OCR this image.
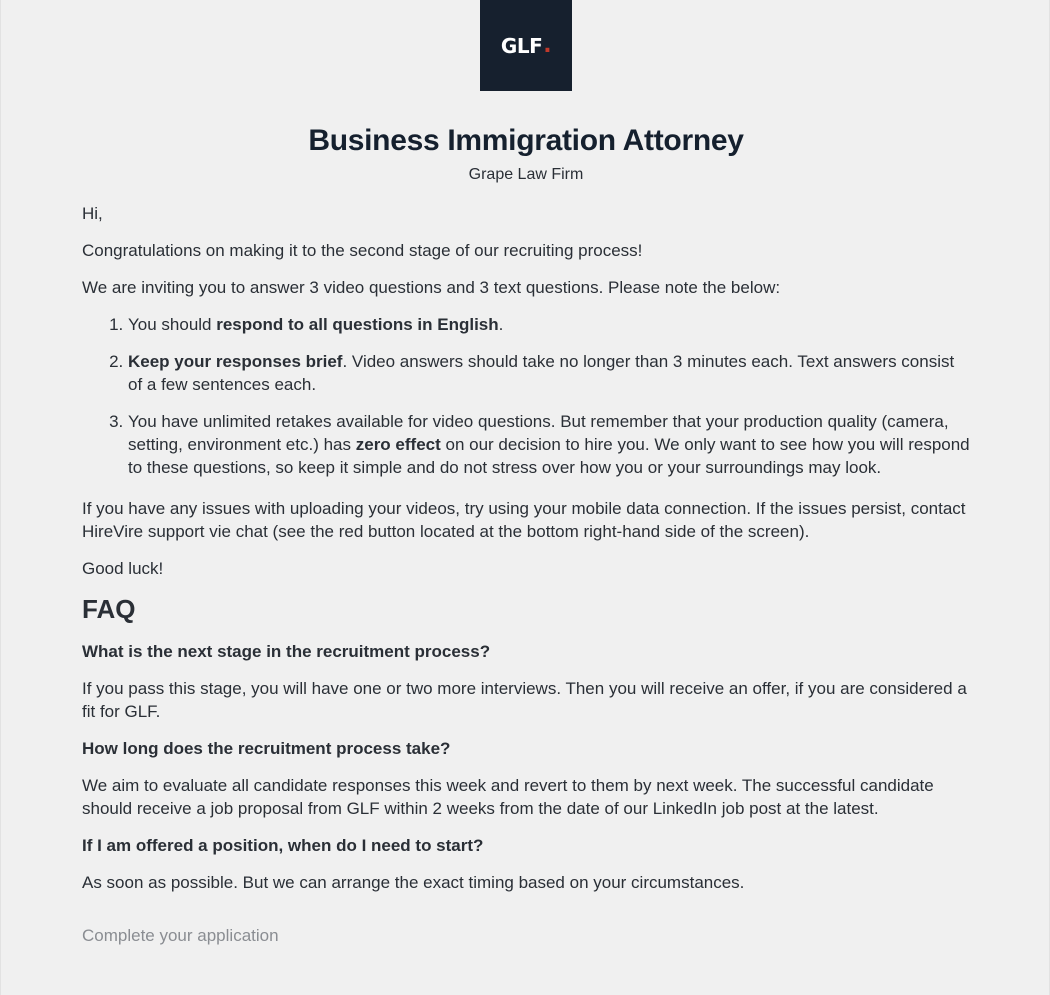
GLF .
Business Immigration Attorney
Grape Law Firm

Hi,

Congratulations on making it to the second stage of our recruiting process!

We are inviting you to answer 3 video questions and 3 text questions. Please note the below:

1. You should respond to all questions in English.
2. Keep your responses brief. Video answers should take no longer than 3 minutes each. Text answers consist of a few sentences each.
3. You have unlimited retakes available for video questions. But remember that your production quality (camera, setting, environment etc.) has zero effect on our decision to hire you. We only want to see how you will respond to these questions, so keep it simple and do not stress over how you or your surroundings may look.

If you have any issues with uploading your videos, try using your mobile data connection. If the issues persist, contact HireVire support vie chat (see the red button located at the bottom right-hand side of the screen).

Good luck!

FAQ

What is the next stage in the recruitment process?

If you pass this stage, you will have one or two more interviews. Then you will receive an offer, if you are considered a fit for GLF.

How long does the recruitment process take?

We aim to evaluate all candidate responses this week and revert to them by next week. The successful candidate should receive a job proposal from GLF within 2 weeks from the date of our LinkedIn job post at the latest.

If I am offered a position, when do I need to start?

As soon as possible. But we can arrange the exact timing based on your circumstances.

Complete your application
